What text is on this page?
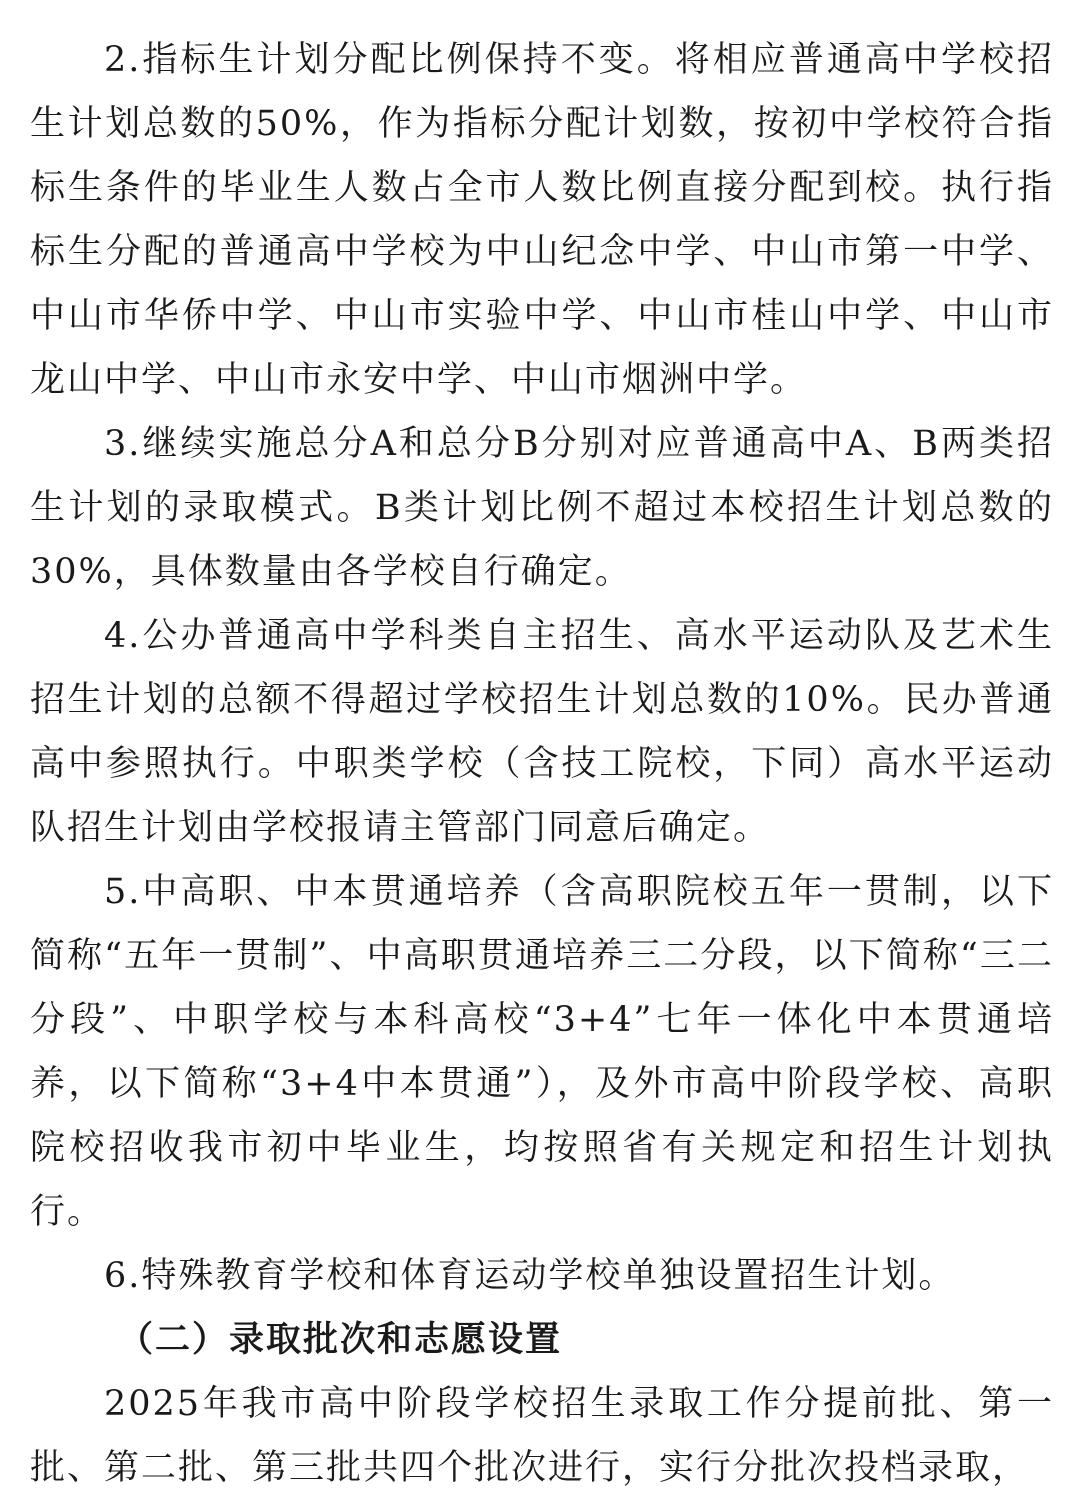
2.指标生计划分配比例保持不变。将相应普通高中学校招生计划总数的50%，作为指标分配计划数，按初中学校符合指标生条件的毕业生人数占全市人数比例直接分配到校。执行指标生分配的普通高中学校为中山纪念中学、中山市第一中学、中山市华侨中学、中山市实验中学、中山市桂山中学、中山市龙山中学、中山市永安中学、中山市烟洲中学。

3.继续实施总分A和总分B分别对应普通高中A、B两类招生计划的录取模式。B类计划比例不超过本校招生计划总数的30%，具体数量由各学校自行确定。

4.公办普通高中学科类自主招生、高水平运动队及艺术生招生计划的总额不得超过学校招生计划总数的10%。民办普通高中参照执行。中职类学校（含技工院校，下同）高水平运动队招生计划由学校报请主管部门同意后确定。

5.中高职、中本贯通培养（含高职院校五年一贯制，以下简称“五年一贯制”、中高职贯通培养三二分段，以下简称“三二分段”、中职学校与本科高校“3+4”七年一体化中本贯通培养，以下简称“3+4中本贯通”），及外市高中阶段学校、高职院校招收我市初中毕业生，均按照省有关规定和招生计划执行。

6.特殊教育学校和体育运动学校单独设置招生计划。

（二）录取批次和志愿设置

2025年我市高中阶段学校招生录取工作分提前批、第一批、第二批、第三批共四个批次进行，实行分批次投档录取，
